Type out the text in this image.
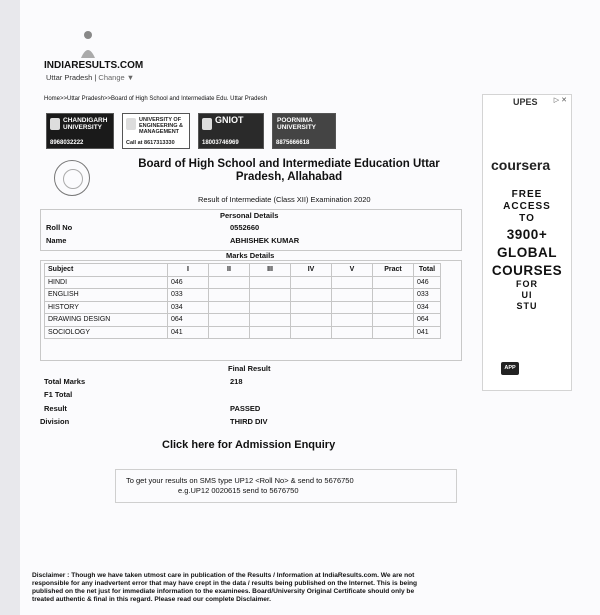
INDIARESULTS.COM
Uttar Pradesh | Change ▼
Home>>Uttar Pradesh>>Board of High School and Intermediate Edu. Uttar Pradesh
CHANDIGARH UNIVERSITY
8968032222
UNIVERSITY OF ENGINEERING & MANAGEMENT
Call at 8617313330
GNIOT
18003746969
POORNIMA UNIVERSITY
8875666618
Board of High School and Intermediate Education Uttar Pradesh, Allahabad
Result of Intermediate (Class XII) Examination 2020
Personal Details
Roll No	0552660
Name	ABHISHEK KUMAR
Marks Details
Subject	I	II	III	IV	V	Pract	Total
HINDI	046						046
ENGLISH	033						033
HISTORY	034						034
DRAWING DESIGN	064						064
SOCIOLOGY	041						041
Final Result
Total Marks	218
F1 Total
Result	PASSED
Division	THIRD DIV
Click here for Admission Enquiry
To get your results on SMS type UP12 <Roll No> & send to 5676750
e.g.UP12 0020615 send to 5676750
Disclaimer : Though we have taken utmost care in publication of the Results / Information at IndiaResults.com. We are not responsible for any inadvertent error that may have crept in the data / results being published on the Internet. This is being published on the net just for immediate information to the examinees. Board/University Original Certificate should only be treated authentic & final in this regard. Please read our complete Disclaimer.
UPES ▷ ✕
coursera
FREE
ACCESS
TO
3900+
GLOBAL
COURSES
FOR
UI
STU
APP
